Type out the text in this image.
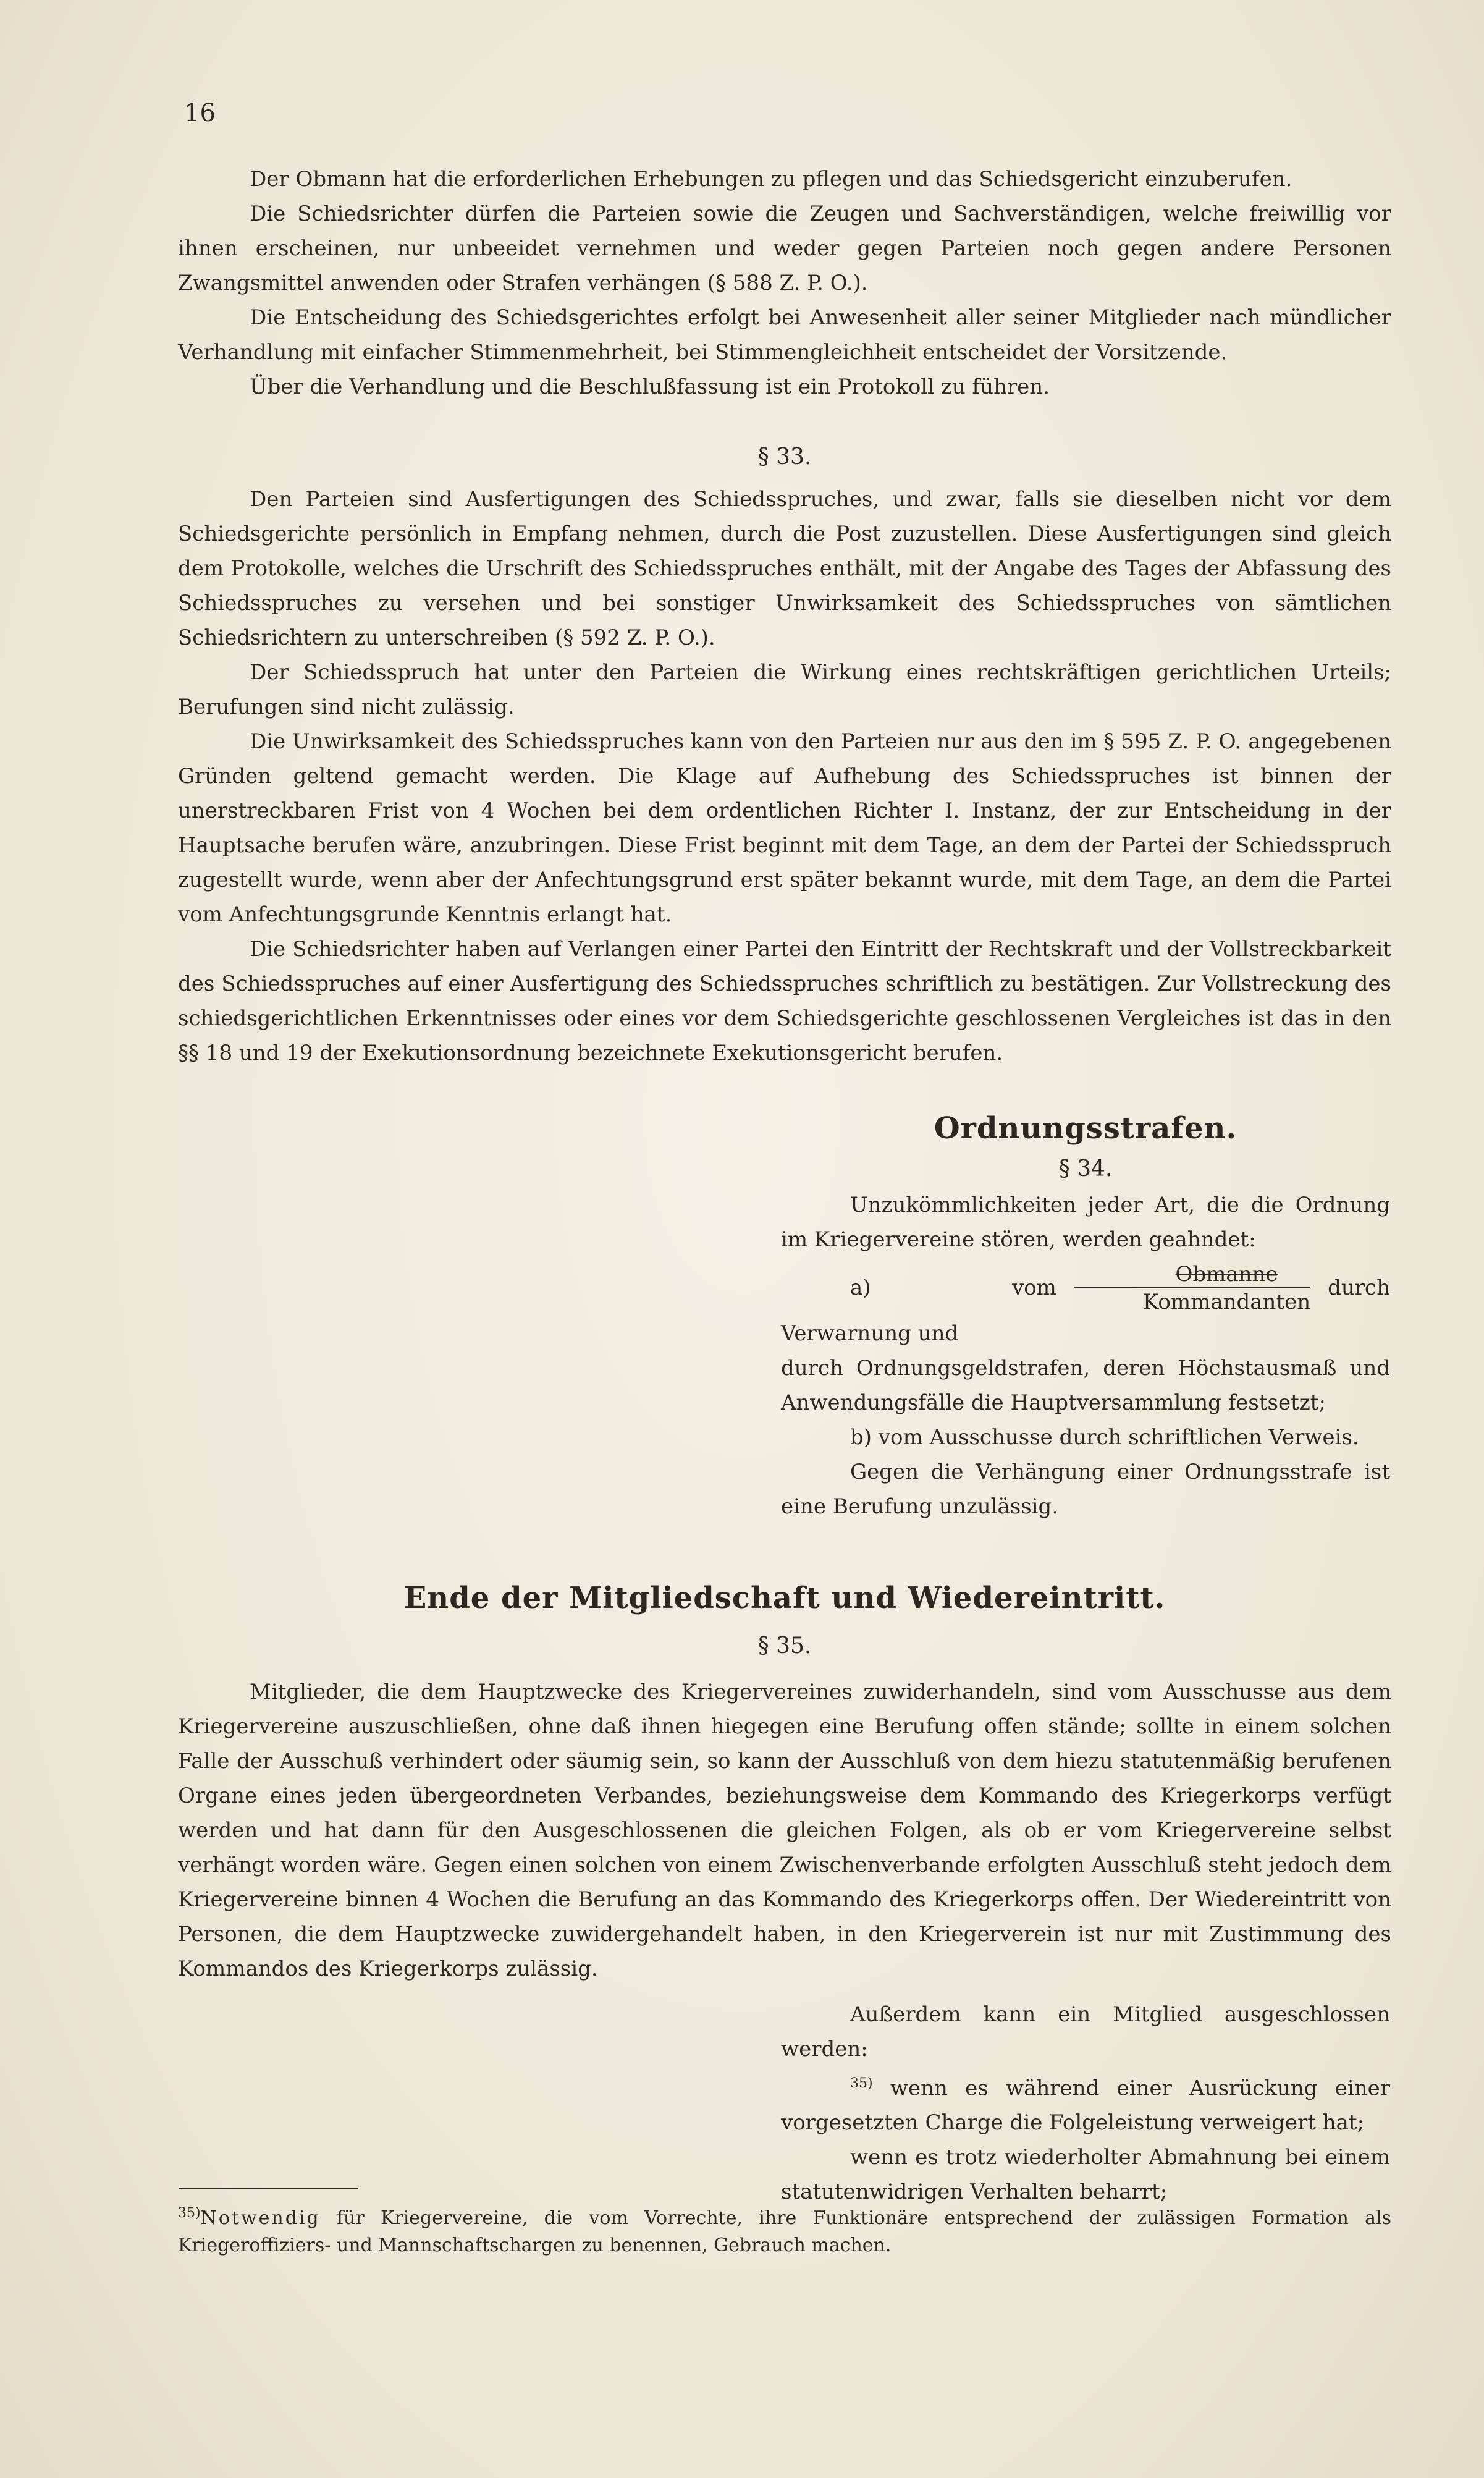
16

Der Obmann hat die erforderlichen Erhebungen zu pflegen und das Schiedsgericht einzuberufen.

Die Schiedsrichter dürfen die Parteien sowie die Zeugen und Sachverständigen, welche freiwillig vor ihnen erscheinen, nur unbeeidet vernehmen und weder gegen Parteien noch gegen andere Personen Zwangsmittel anwenden oder Strafen verhängen (§ 588 Z. P. O.).

Die Entscheidung des Schiedsgerichtes erfolgt bei Anwesenheit aller seiner Mitglieder nach mündlicher Verhandlung mit einfacher Stimmenmehrheit, bei Stimmengleichheit entscheidet der Vorsitzende.

Über die Verhandlung und die Beschlußfassung ist ein Protokoll zu führen.

§ 33.

Den Parteien sind Ausfertigungen des Schiedsspruches, und zwar, falls sie dieselben nicht vor dem Schiedsgerichte persönlich in Empfang nehmen, durch die Post zuzustellen. Diese Ausfertigungen sind gleich dem Protokolle, welches die Urschrift des Schiedsspruches enthält, mit der Angabe des Tages der Abfassung des Schiedsspruches zu versehen und bei sonstiger Unwirksamkeit des Schiedsspruches von sämtlichen Schiedsrichtern zu unterschreiben (§ 592 Z. P. O.).

Der Schiedsspruch hat unter den Parteien die Wirkung eines rechtskräftigen gerichtlichen Urteils; Berufungen sind nicht zulässig.

Die Unwirksamkeit des Schiedsspruches kann von den Parteien nur aus den im § 595 Z. P. O. angegebenen Gründen geltend gemacht werden. Die Klage auf Aufhebung des Schiedsspruches ist binnen der unerstreckbaren Frist von 4 Wochen bei dem ordentlichen Richter I. Instanz, der zur Entscheidung in der Hauptsache berufen wäre, anzubringen. Diese Frist beginnt mit dem Tage, an dem der Partei der Schiedsspruch zugestellt wurde, wenn aber der Anfechtungsgrund erst später bekannt wurde, mit dem Tage, an dem die Partei vom Anfechtungsgrunde Kenntnis erlangt hat.

Die Schiedsrichter haben auf Verlangen einer Partei den Eintritt der Rechtskraft und der Vollstreckbarkeit des Schiedsspruches auf einer Ausfertigung des Schiedsspruches schriftlich zu bestätigen. Zur Vollstreckung des schiedsgerichtlichen Erkenntnisses oder eines vor dem Schiedsgerichte geschlossenen Vergleiches ist das in den §§ 18 und 19 der Exekutionsordnung bezeichnete Exekutionsgericht berufen.

Ordnungsstrafen.

§ 34.

Unzukömmlichkeiten jeder Art, die die Ordnung im Kriegervereine stören, werden geahndet:

a) vom $\frac{\text{Obmanne}}{\text{Kommandanten}}$ durch Verwarnung und

durch Ordnungsgeldstrafen, deren Höchstausmaß und Anwendungsfälle die Hauptversammlung festsetzt;

b) vom Ausschusse durch schriftlichen Verweis.

Gegen die Verhängung einer Ordnungsstrafe ist eine Berufung unzulässig.

Ende der Mitgliedschaft und Wiedereintritt.

§ 35.

Mitglieder, die dem Hauptzwecke des Kriegervereines zuwiderhandeln, sind vom Ausschusse aus dem Kriegervereine auszuschließen, ohne daß ihnen hiegegen eine Berufung offen stände; sollte in einem solchen Falle der Ausschuß verhindert oder säumig sein, so kann der Ausschluß von dem hiezu statutenmäßig berufenen Organe eines jeden übergeordneten Verbandes, beziehungsweise dem Kommando des Kriegerkorps verfügt werden und hat dann für den Ausgeschlossenen die gleichen Folgen, als ob er vom Kriegervereine selbst verhängt worden wäre. Gegen einen solchen von einem Zwischenverbande erfolgten Ausschluß steht jedoch dem Kriegervereine binnen 4 Wochen die Berufung an das Kommando des Kriegerkorps offen. Der Wiedereintritt von Personen, die dem Hauptzwecke zuwidergehandelt haben, in den Kriegerverein ist nur mit Zustimmung des Kommandos des Kriegerkorps zulässig.

Außerdem kann ein Mitglied ausgeschlossen werden:

$^{35)}$ wenn es während einer Ausrückung einer vorgesetzten Charge die Folgeleistung verweigert hat;

wenn es trotz wiederholter Abmahnung bei einem statutenwidrigen Verhalten beharrt;

$^{35)}$Notwendig für Kriegervereine, die vom Vorrechte, ihre Funktionäre entsprechend der zulässigen Formation als Kriegeroffiziers- und Mannschaftschargen zu benennen, Gebrauch machen.
